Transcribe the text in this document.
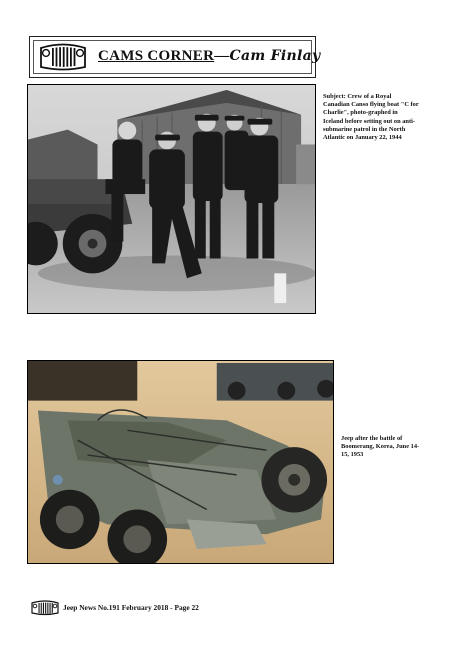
CAMS CORNER—Cam Finlay
Subject: Crew of a Royal Canadian Canso flying boat "C for Charlie", photo-graphed in Iceland before setting out on anti-submarine patrol in the North Atlantic on January 22, 1944
Jeep after the battle of Boomerang, Korea, June 14-15, 1953
Jeep News No.191 February 2018 - Page 22
